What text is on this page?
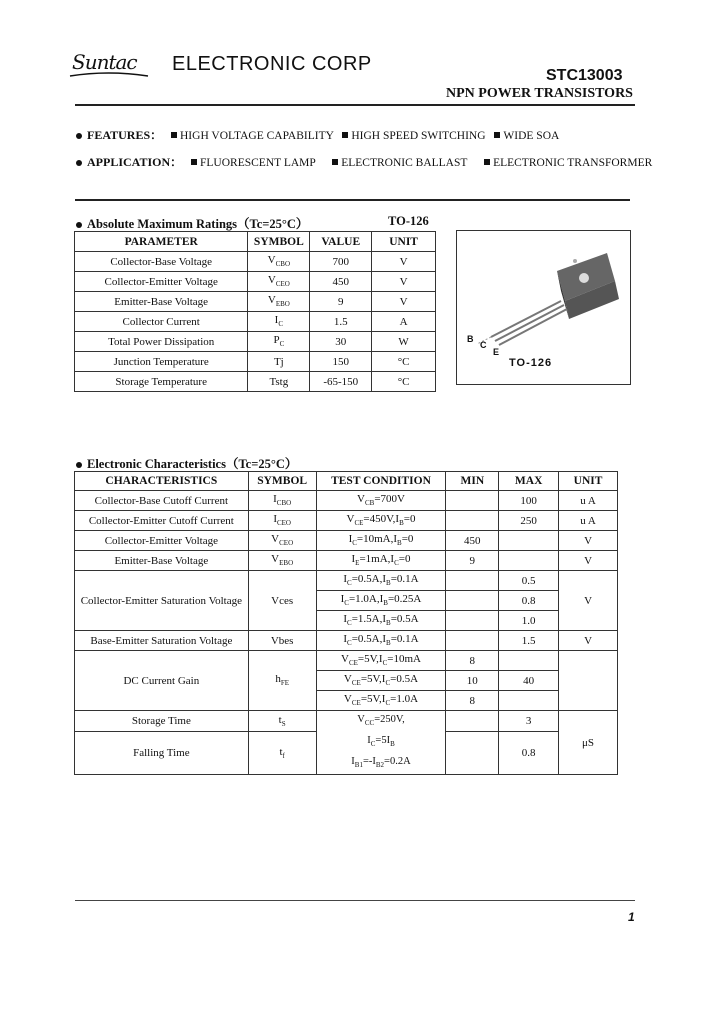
Suntac ELECTRONIC CORP
STC13003
NPN POWER TRANSISTORS
FEATURES： HIGH VOLTAGE CAPABILITY HIGH SPEED SWITCHING WIDE SOA
APPLICATION： FLUORESCENT LAMP ELECTRONIC BALLAST ELECTRONIC TRANSFORMER
Absolute Maximum Ratings（Tc=25°C）	TO-126
PARAMETER	SYMBOL	VALUE	UNIT
Collector-Base Voltage	$V_{CBO}$	700	V
Collector-Emitter Voltage	$V_{CEO}$	450	V
Emitter-Base Voltage	$V_{EBO}$	9	V
Collector Current	$I_C$	1.5	A
Total Power Dissipation	$P_C$	30	W
Junction Temperature	Tj	150	°C
Storage Temperature	Tstg	-65-150	°C
B
C
E
TO-126
Electronic Characteristics（Tc=25°C）
CHARACTERISTICS	SYMBOL	TEST CONDITION	MIN	MAX	UNIT
Collector-Base Cutoff Current	$I_{CBO}$	$V_{CB}=700V$		100	u A
Collector-Emitter Cutoff Current	$I_{CEO}$	$V_{CE}=450V,I_B=0$		250	u A
Collector-Emitter Voltage	$V_{CEO}$	$I_C=10mA,I_B=0$	450		V
Emitter-Base Voltage	$V_{EBO}$	$I_E=1mA,I_C=0$	9		V
Collector-Emitter Saturation Voltage	Vces	$I_C=0.5A,I_B=0.1A$		0.5	V
		$I_C=1.0A,I_B=0.25A$		0.8	
		$I_C=1.5A,I_B=0.5A$		1.0	
Base-Emitter Saturation Voltage	Vbes	$I_C=0.5A,I_B=0.1A$		1.5	V
DC Current Gain	$h_{FE}$	$V_{CE}=5V,I_C=10mA$	8		
		$V_{CE}=5V,I_C=0.5A$	10	40	
		$V_{CE}=5V,I_C=1.0A$	8		
Storage Time	$t_S$	$V_{CC}=250V$,
$I_C=5I_B$
$I_{B1}=-I_{B2}=0.2A$		3	μS
Falling Time	$t_f$			0.8	
1
